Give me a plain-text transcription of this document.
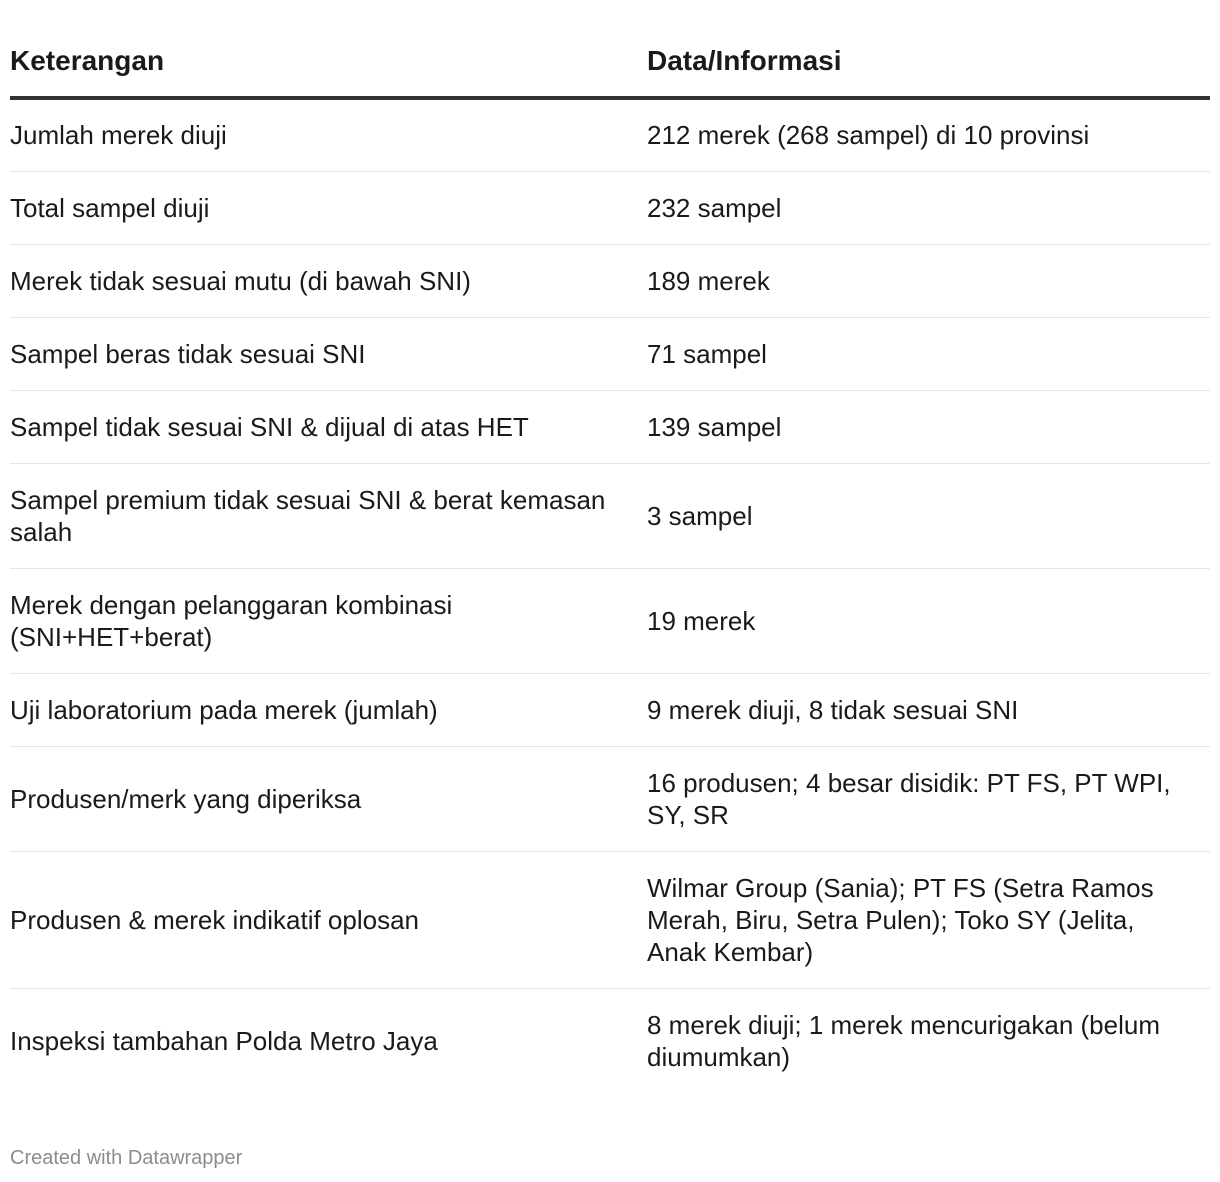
Keterangan	Data/Informasi

Jumlah merek diuji	212 merek (268 sampel) di 10 provinsi

Total sampel diuji	232 sampel

Merek tidak sesuai mutu (di bawah SNI)	189 merek

Sampel beras tidak sesuai SNI	71 sampel

Sampel tidak sesuai SNI & dijual di atas HET	139 sampel

Sampel premium tidak sesuai SNI & berat kemasan salah	3 sampel

Merek dengan pelanggaran kombinasi (SNI+HET+berat)	19 merek

Uji laboratorium pada merek (jumlah)	9 merek diuji, 8 tidak sesuai SNI

Produsen/merk yang diperiksa	16 produsen; 4 besar disidik: PT FS, PT WPI, SY, SR

Produsen & merek indikatif oplosan	Wilmar Group (Sania); PT FS (Setra Ramos Merah, Biru, Setra Pulen); Toko SY (Jelita, Anak Kembar)

Inspeksi tambahan Polda Metro Jaya	8 merek diuji; 1 merek mencurigakan (belum diumumkan)
Created with Datawrapper
